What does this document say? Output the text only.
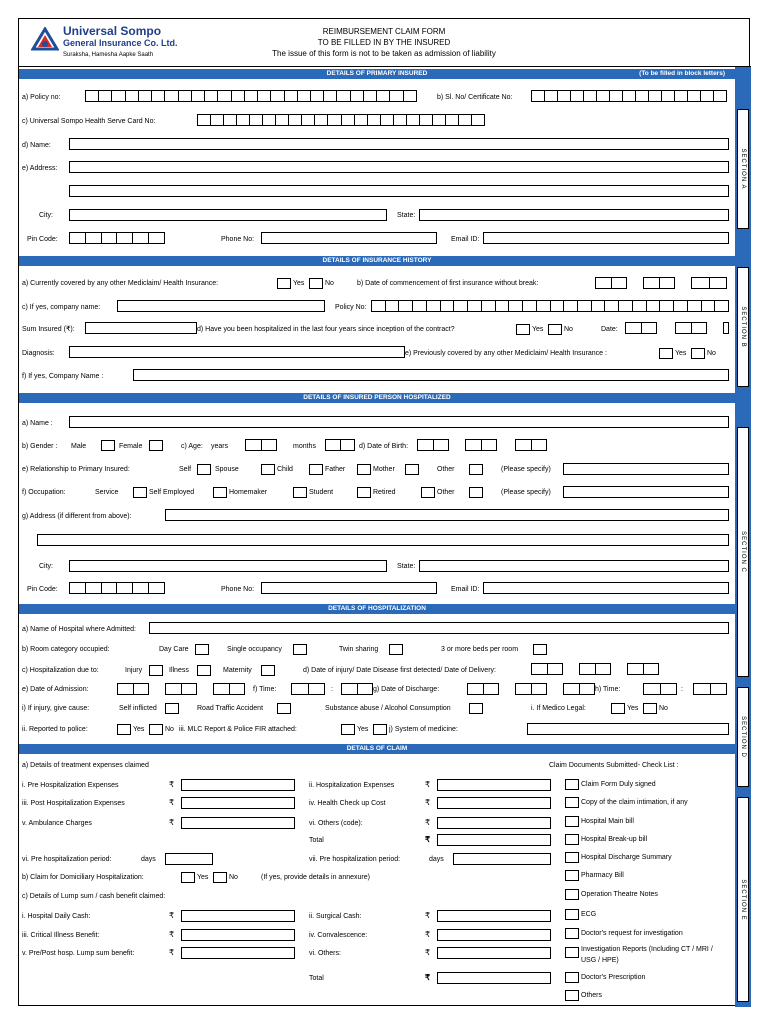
Universal Sompo
General Insurance Co. Ltd.
Suraksha, Hamesha Aapke Saath
REIMBURSEMENT CLAIM FORM
TO BE FILLED IN BY THE INSURED
The issue of this form is not to be taken as admission of liability
SECTION A
SECTION B
SECTION C
SECTION D
SECTION E
DETAILS OF PRIMARY INSURED	(To be filled in block letters)
a) Policy no:	b) Sl. No/ Certificate No:
c) Universal Sompo Health Serve Card No:
d) Name:
e) Address:
City:	State:
Pin Code:	Phone No:	Email ID:
DETAILS OF INSURANCE HISTORY
a) Currently covered by any other Mediclaim/ Health Insurance:	Yes	No	b) Date of commencement of first insurance without break:
c) If yes, company name:	Policy No:
Sum Insured (₹):	d) Have you been hospitalized in the last four years since inception of the contract?	Yes	No	Date:
Diagnosis:	e) Previously covered by any other Mediclaim/ Health Insurance :	Yes	No
f) If yes, Company Name :
DETAILS OF INSURED PERSON HOSPITALIZED
a) Name :
b) Gender : Male	Female	c) Age: years	months	d) Date of Birth:
e) Relationship to Primary Insured:	Self	Spouse	Child	Father	Mother	Other	(Please specify)
f) Occupation:	Service	Self Employed	Homemaker	Student	Retired	Other	(Please specify)
g) Address (if different from above):
City:	State:
Pin Code:	Phone No:	Email ID:
DETAILS OF HOSPITALIZATION
a) Name of Hospital where Admitted:
b) Room category occupied:	Day Care	Single occupancy	Twin sharing	3 or more beds per room
c) Hospitalization due to:	Injury	Illness	Maternity	d) Date of injury/ Date Disease first detected/ Date of Delivery:
e) Date of Admission:	f) Time:	:	g) Date of Discharge:	h) Time:	:
i) If injury, give cause:	Self inflicted	Road Traffic Accident	Substance abuse / Alcohol Consumption	i. If Medico Legal:	Yes	No
ii. Reported to police:	Yes	No iii. MLC Report & Police FIR attached:	Yes	j) System of medicine:
DETAILS OF CLAIM
a) Details of treatment expenses claimed	Claim Documents Submitted- Check List :
i. Pre Hospitalization Expenses	₹	ii. Hospitalization Expenses	₹
iii. Post Hospitalization Expenses	₹	iv. Health Check up Cost	₹
v. Ambulance Charges	₹	vi. Others (code):	₹
Total	₹
vi. Pre hospitalization period:	days	vii. Pre hospitalization period:	days
b) Claim for Domiciliary Hospitalization:	Yes	No	(If yes, provide details in annexure)
c) Details of Lump sum / cash benefit claimed:
i. Hospital Daily Cash:	₹	ii. Surgical Cash:	₹
iii. Critical Illness Benefit:	₹	iv. Convalescence:	₹
v. Pre/Post hosp. Lump sum benefit:	₹	vi. Others:	₹
Total	₹
Claim Form Duly signed
Copy of the claim intimation, if any
Hospital Main bill
Hospital Break-up bill
Hospital Discharge Summary
Pharmacy Bill
Operation Theatre Notes
ECG
Doctor's request for investigation
Investigation Reports (Including CT / MRI / USG / HPE)
Doctor's Prescription
Others
